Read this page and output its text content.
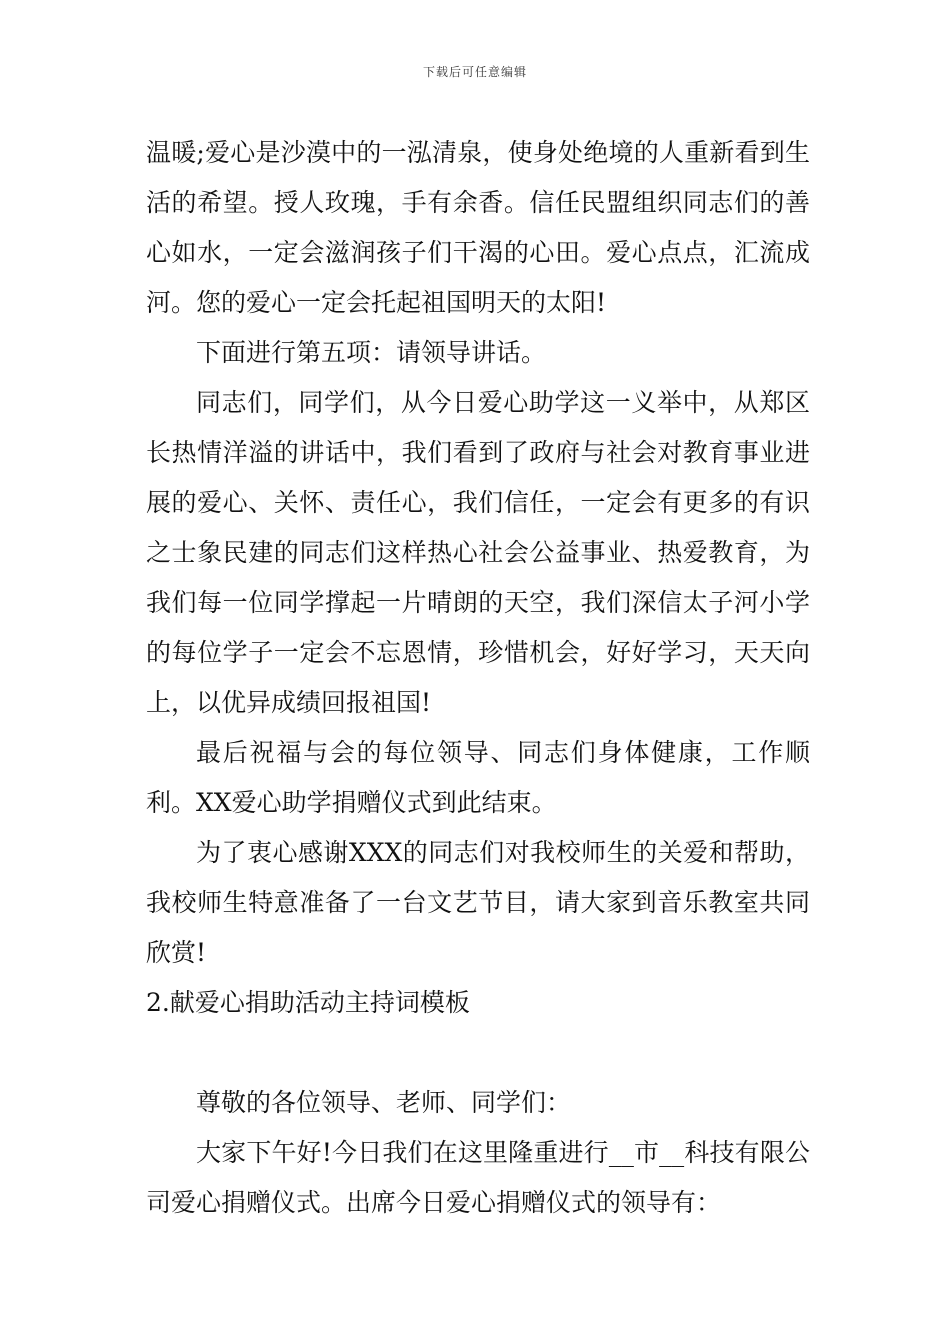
下载后可任意编辑

温暖;爱心是沙漠中的一泓清泉，使身处绝境的人重新看到生活的希望。授人玫瑰，手有余香。信任民盟组织同志们的善心如水，一定会滋润孩子们干渴的心田。爱心点点，汇流成河。您的爱心一定会托起祖国明天的太阳!

下面进行第五项：请领导讲话。

同志们，同学们，从今日爱心助学这一义举中，从郑区长热情洋溢的讲话中，我们看到了政府与社会对教育事业进展的爱心、关怀、责任心，我们信任，一定会有更多的有识之士象民建的同志们这样热心社会公益事业、热爱教育，为我们每一位同学撑起一片晴朗的天空，我们深信太子河小学的每位学子一定会不忘恩情，珍惜机会，好好学习，天天向上，以优异成绩回报祖国!

最后祝福与会的每位领导、同志们身体健康，工作顺利。XX爱心助学捐赠仪式到此结束。

为了衷心感谢XXX的同志们对我校师生的关爱和帮助，我校师生特意准备了一台文艺节目，请大家到音乐教室共同欣赏!

2.献爱心捐助活动主持词模板

尊敬的各位领导、老师、同学们：

大家下午好!今日我们在这里隆重进行__市__科技有限公司爱心捐赠仪式。出席今日爱心捐赠仪式的领导有：
